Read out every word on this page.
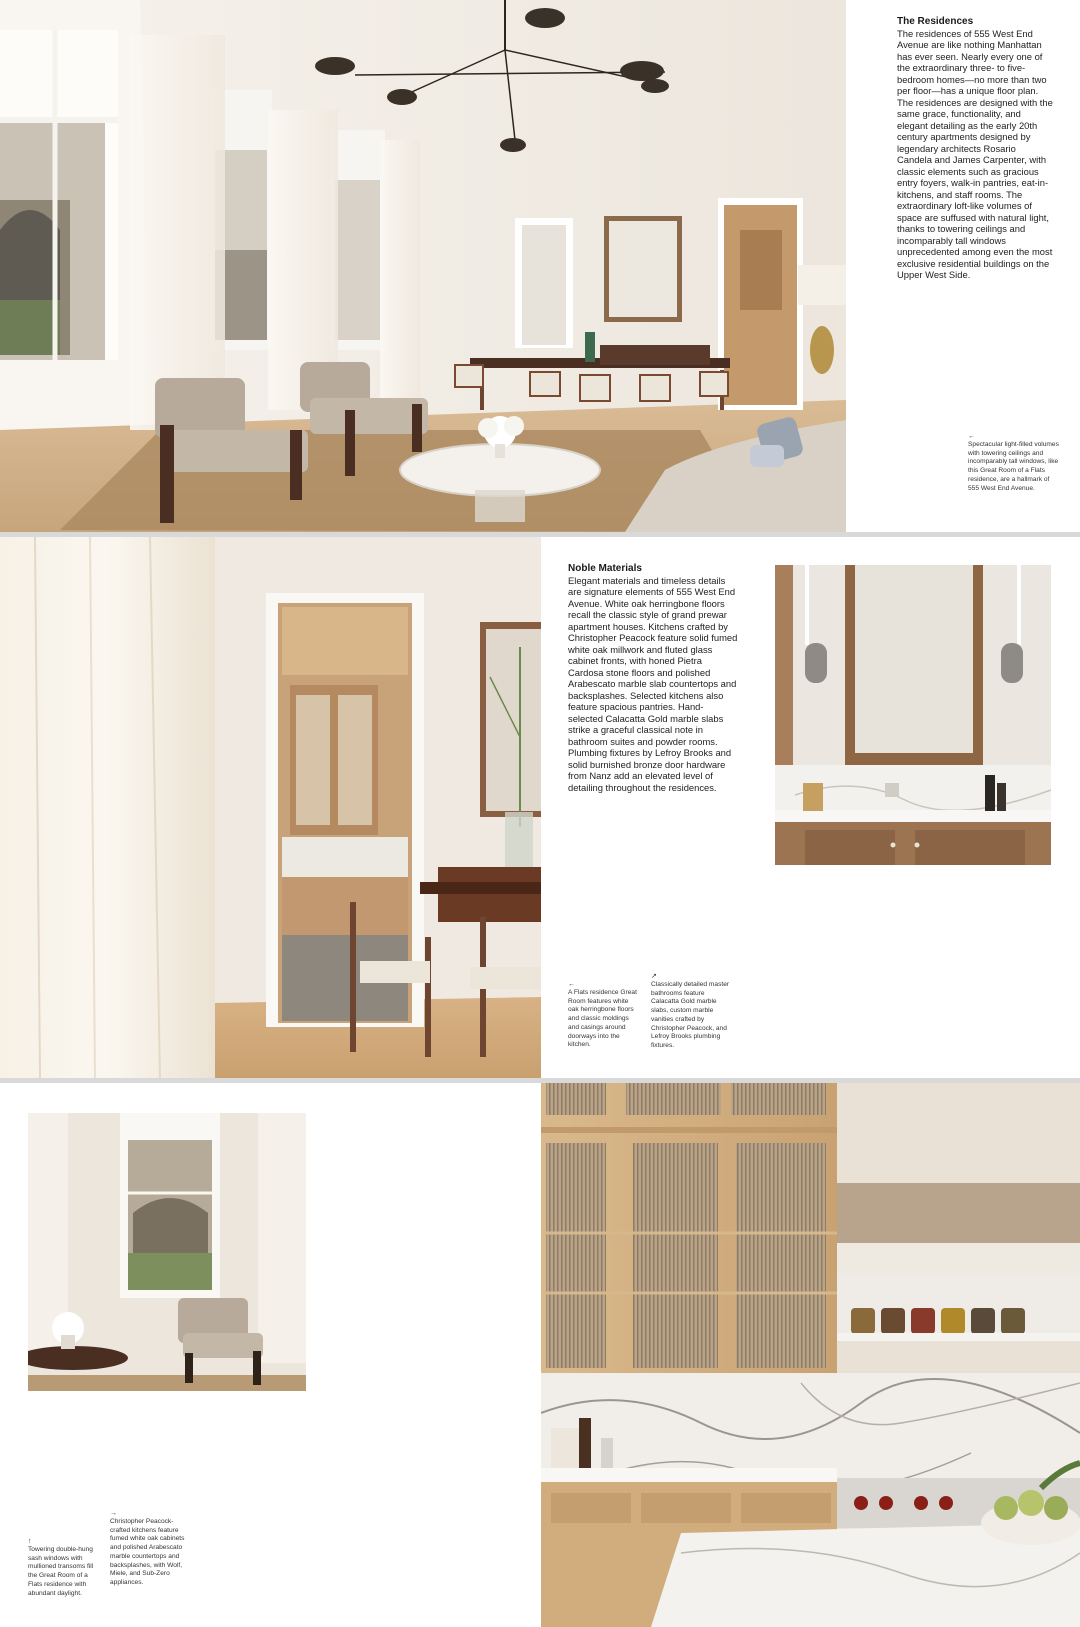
The Residences
The residences of 555 West End Avenue are like nothing Manhattan has ever seen. Nearly every one of the extraordinary three- to five-bedroom homes—no more than two per floor—has a unique floor plan. The residences are designed with the same grace, functionality, and elegant detailing as the early 20th century apartments designed by legendary architects Rosario Candela and James Carpenter, with classic elements such as gracious entry foyers, walk-in pantries, eat-in-kitchens, and staff rooms. The extraordinary loft-like volumes of space are suffused with natural light, thanks to towering ceilings and incomparably tall windows unprecedented among even the most exclusive residential buildings on the Upper West Side.
←
Spectacular light-filled volumes with towering ceilings and incomparably tall windows, like this Great Room of a Flats residence, are a hallmark of 555 West End Avenue.
Noble Materials
Elegant materials and timeless details are signature elements of 555 West End Avenue. White oak herringbone floors recall the classic style of grand prewar apartment houses. Kitchens crafted by Christopher Peacock feature solid fumed white oak millwork and fluted glass cabinet fronts, with honed Pietra Cardosa stone floors and polished Arabescato marble slab countertops and backsplashes. Selected kitchens also feature spacious pantries. Hand-selected Calacatta Gold marble slabs strike a graceful classical note in bathroom suites and powder rooms. Plumbing fixtures by Lefroy Brooks and solid burnished bronze door hardware from Nanz add an elevated level of detailing throughout the residences.
←
A Flats residence Great Room features white oak herringbone floors and classic moldings and casings around doorways into the kitchen.
↗
Classically detailed master bathrooms feature Calacatta Gold marble slabs, custom marble vanities crafted by Christopher Peacock, and Lefroy Brooks plumbing fixtures.
↑
Towering double-hung sash windows with mullioned transoms fill the Great Room of a Flats residence with abundant daylight.
→
Christopher Peacock-crafted kitchens feature fumed white oak cabinets and polished Arabescato marble countertops and backsplashes, with Wolf, Miele, and Sub-Zero appliances.
